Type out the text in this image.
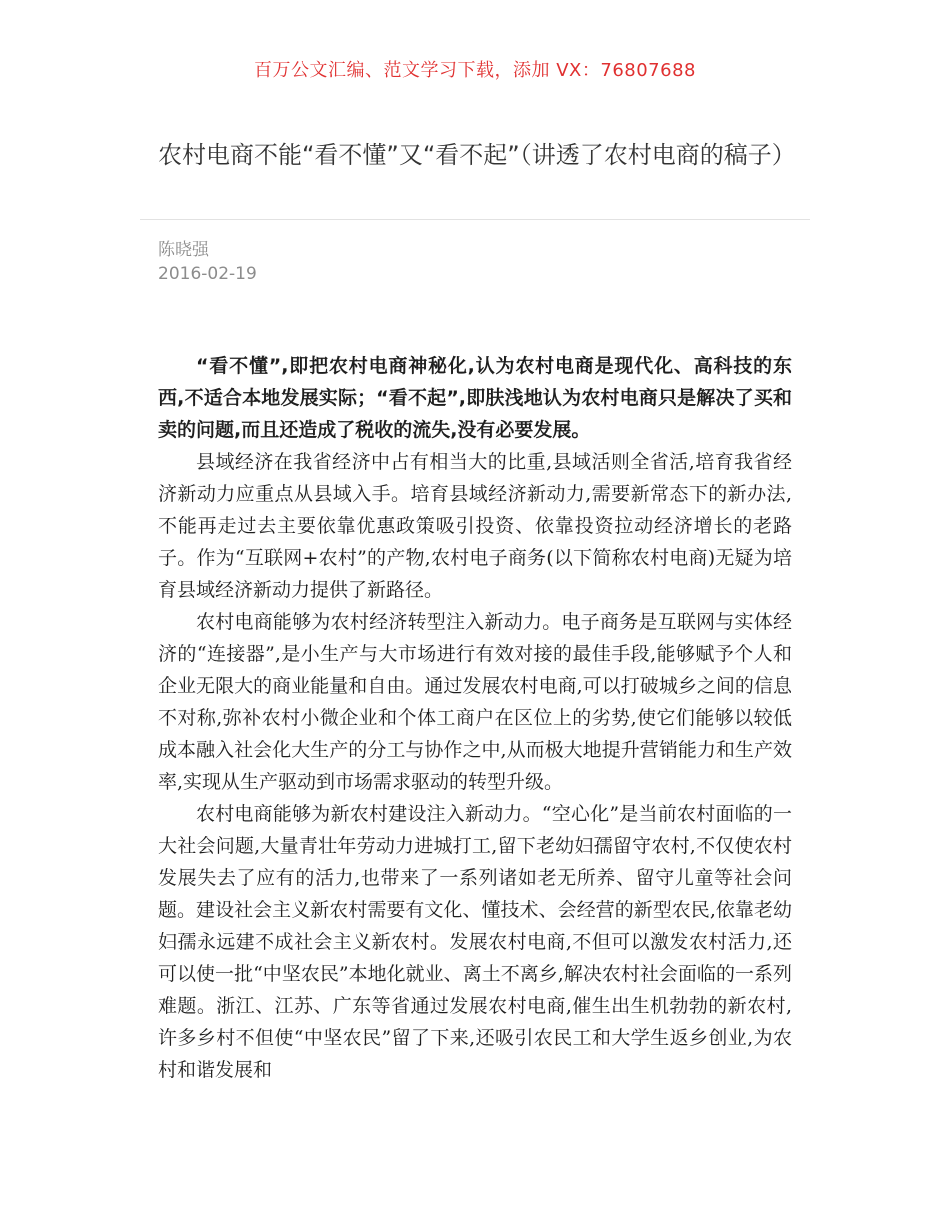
百万公文汇编、范文学习下载，添加 VX：76807688
农村电商不能“看不懂”又“看不起”（讲透了农村电商的稿子）
陈晓强
2016-02-19

“看不懂”,即把农村电商神秘化,认为农村电商是现代化、高科技的东西,不适合本地发展实际；“看不起”,即肤浅地认为农村电商只是解决了买和卖的问题,而且还造成了税收的流失,没有必要发展。

县域经济在我省经济中占有相当大的比重,县域活则全省活,培育我省经济新动力应重点从县域入手。培育县域经济新动力,需要新常态下的新办法,不能再走过去主要依靠优惠政策吸引投资、依靠投资拉动经济增长的老路子。作为“互联网+农村”的产物,农村电子商务(以下简称农村电商)无疑为培育县域经济新动力提供了新路径。

农村电商能够为农村经济转型注入新动力。电子商务是互联网与实体经济的“连接器”,是小生产与大市场进行有效对接的最佳手段,能够赋予个人和企业无限大的商业能量和自由。通过发展农村电商,可以打破城乡之间的信息不对称,弥补农村小微企业和个体工商户在区位上的劣势,使它们能够以较低成本融入社会化大生产的分工与协作之中,从而极大地提升营销能力和生产效率,实现从生产驱动到市场需求驱动的转型升级。

农村电商能够为新农村建设注入新动力。“空心化”是当前农村面临的一大社会问题,大量青壮年劳动力进城打工,留下老幼妇孺留守农村,不仅使农村发展失去了应有的活力,也带来了一系列诸如老无所养、留守儿童等社会问题。建设社会主义新农村需要有文化、懂技术、会经营的新型农民,依靠老幼妇孺永远建不成社会主义新农村。发展农村电商,不但可以激发农村活力,还可以使一批“中坚农民”本地化就业、离土不离乡,解决农村社会面临的一系列难题。浙江、江苏、广东等省通过发展农村电商,催生出生机勃勃的新农村,许多乡村不但使“中坚农民”留了下来,还吸引农民工和大学生返乡创业,为农村和谐发展和
